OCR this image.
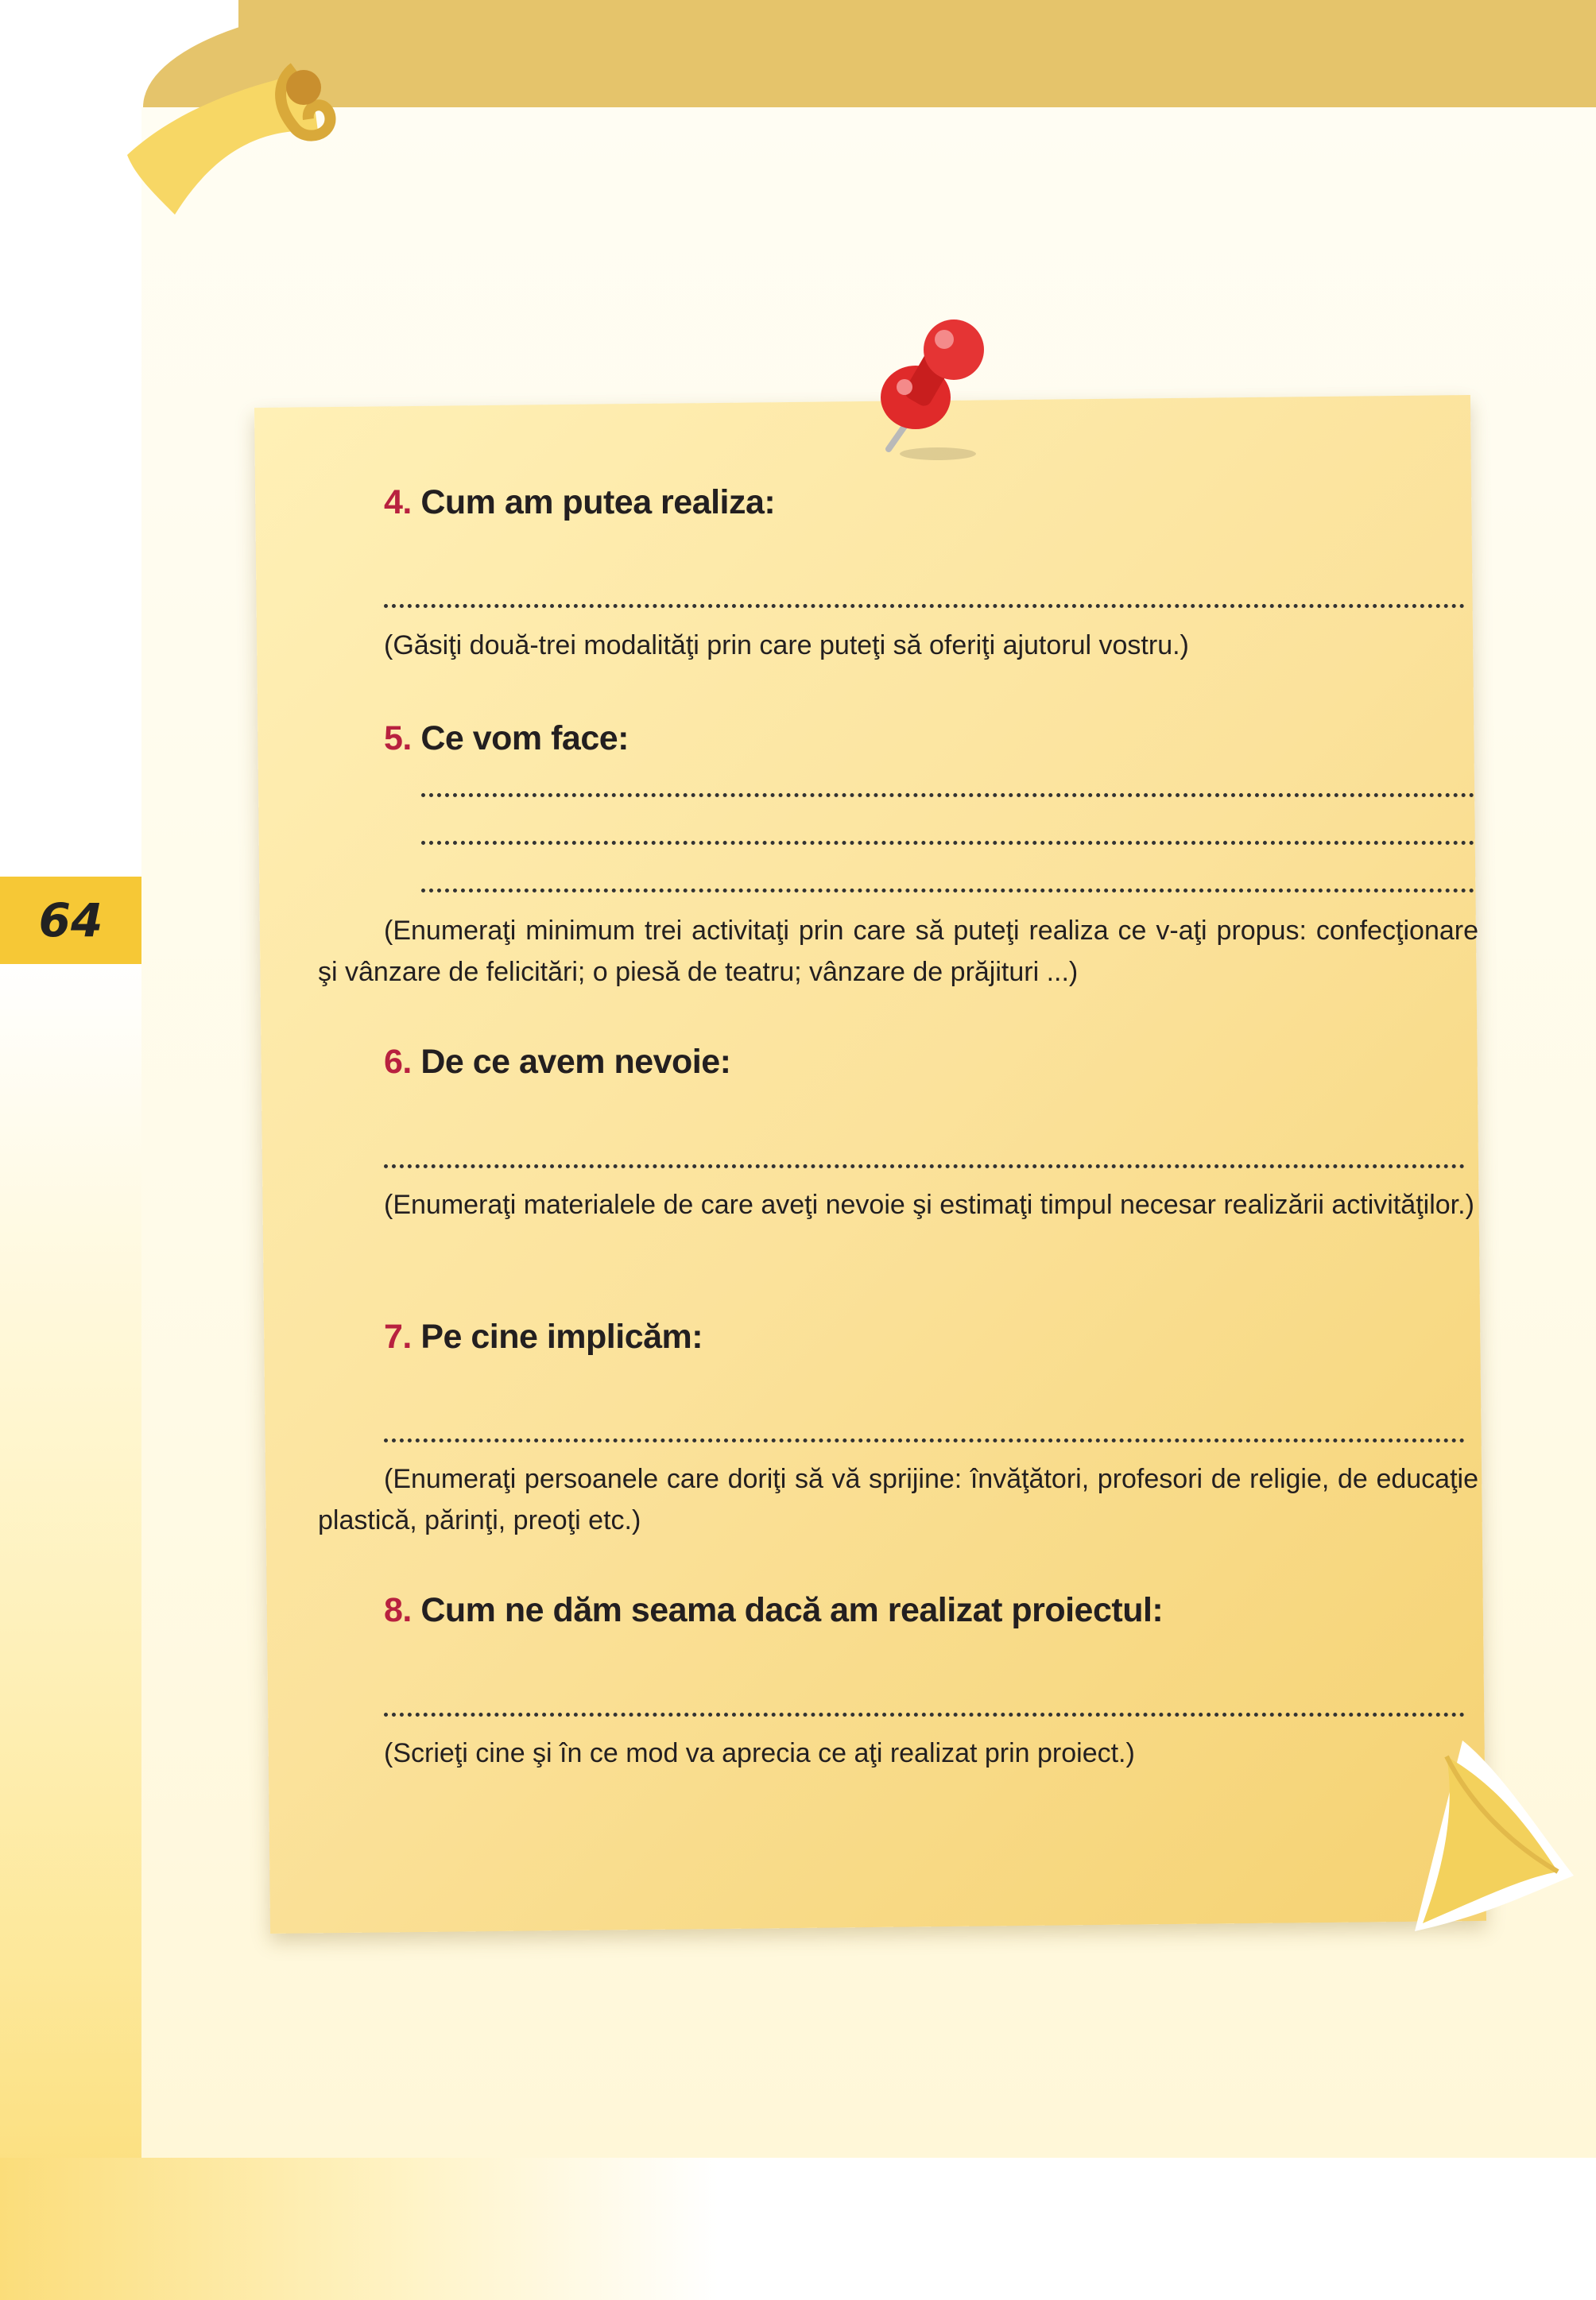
64
4. Cum am putea realiza:
(Găsiţi două-trei modalităţi prin care puteţi să oferiţi ajutorul vostru.)
5. Ce vom face:
(Enumeraţi minimum trei activitaţi prin care să puteţi realiza ce v-aţi propus: confecţionare şi vânzare de felicitări; o piesă de teatru; vânzare de prăjituri ...)
6. De ce avem nevoie:
(Enumeraţi materialele de care aveţi nevoie şi estimaţi timpul necesar realizării activităţilor.)
7. Pe cine implicăm:
(Enumeraţi persoanele care doriţi să vă sprijine: învăţători, profesori de religie, de educaţie plastică, părinţi, preoţi etc.)
8. Cum ne dăm seama dacă am realizat proiectul:
(Scrieţi cine şi în ce mod va aprecia ce aţi realizat prin proiect.)
